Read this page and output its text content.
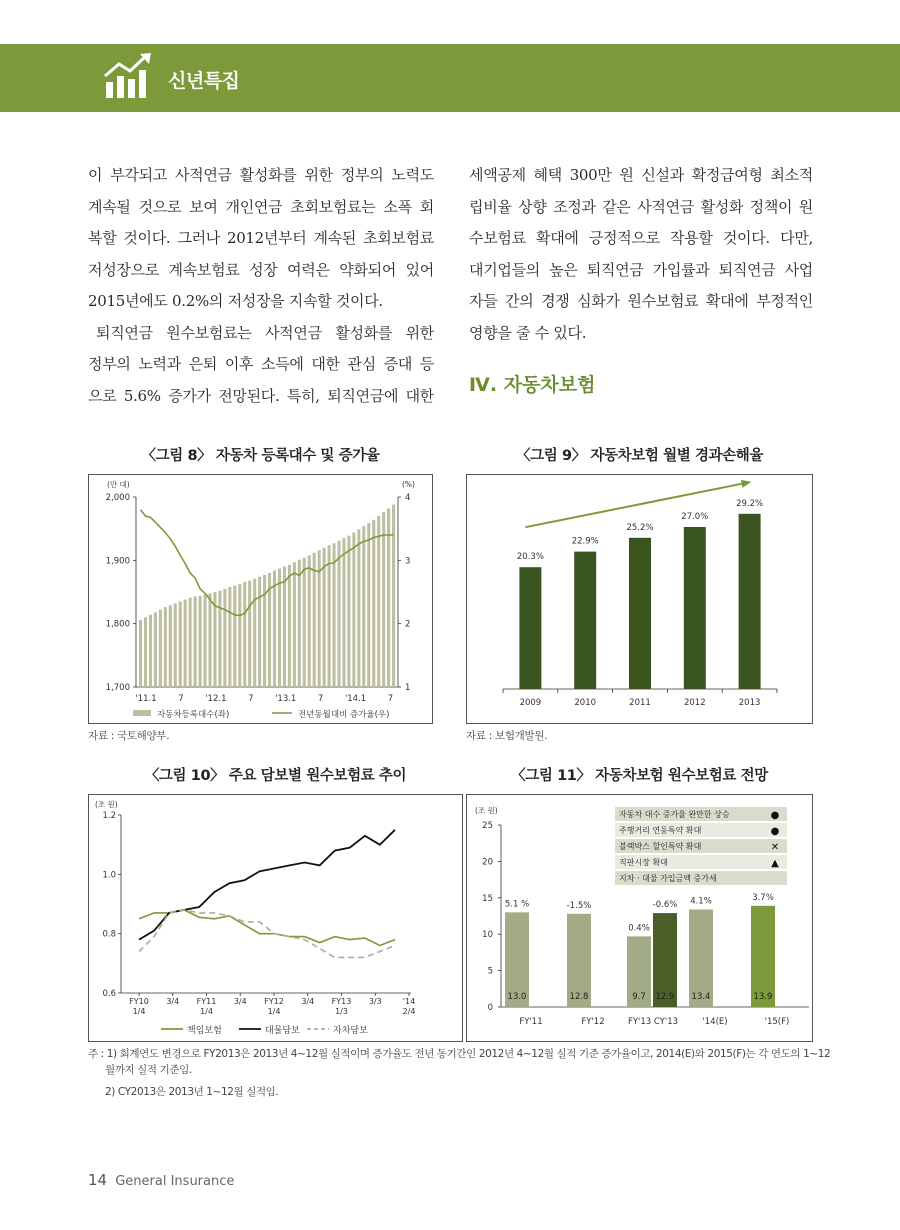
신년특집
이 부각되고 사적연금 활성화를 위한 정부의 노력도
계속될 것으로 보여 개인연금 초회보험료는 소폭 회
복할 것이다. 그러나 2012년부터 계속된 초회보험료
저성장으로 계속보험료 성장 여력은 약화되어 있어
2015년에도 0.2%의 저성장을 지속할 것이다.
퇴직연금 원수보험료는 사적연금 활성화를 위한
정부의 노력과 은퇴 이후 소득에 대한 관심 증대 등
으로 5.6% 증가가 전망된다. 특히, 퇴직연금에 대한
세액공제 혜택 300만 원 신설과 확정급여형 최소적
립비율 상향 조정과 같은 사적연금 활성화 정책이 원
수보험료 확대에 긍정적으로 작용할 것이다. 다만,
대기업들의 높은 퇴직연금 가입률과 퇴직연금 사업
자들 간의 경쟁 심화가 원수보험료 확대에 부정적인
영향을 줄 수 있다.
Ⅳ. 자동차보험
〈그림 8〉 자동차 등록대수 및 증가율
(만 대)	(%)
2,000
1,900
1,800
1,700
4
3
2
1
'11.1	7	'12.1	7	'13.1	7	'14.1	7
자동차등록대수(좌)	전년동월대비 증가율(우)
자료 : 국토해양부.
〈그림 9〉 자동차보험 월별 경과손해율
20.3%
2009
22.9%
2010
25.2%
2011
27.0%
2012
29.2%
2013
자료 : 보험개발원.
〈그림 10〉 주요 담보별 원수보험료 추이
(조 원)
1.2
1.0
0.8
0.6
FY10
1/4
3/4 FY11
1/4
3/4 FY12
1/4
3/4 FY13
1/3
3/3	'14
2/4
책임보험	대물담보	자차담보
〈그림 11〉 자동차보험 원수보험료 전망
(조 원)
25
20
15
10
5
0
13.0
5.1 %
12.8
-1.5%
9.7
0.4%
12.9
-0.6%
13.4
4.1%
13.9
3.7%
FY'11	FY'12	FY'13 CY'13	'14(E)	'15(F)
자동차 대수 증가율 완만한 상승	●
주행거리 연동특약 확대	●
블랙박스 할인특약 확대	✕
직판시장 확대	▲
지차 · 대물 가입금액 증가세
주 : 1) 회계연도 변경으로 FY2013은 2013년 4~12월 실적이며 증가율도 전년 동기간인 2012년 4~12월 실적 기준 증가율이고, 2014(E)와 2015(F)는 각 연도의 1~12
월까지 실적 기준임.
2) CY2013은 2013년 1~12월 실적임.
14 General Insurance
